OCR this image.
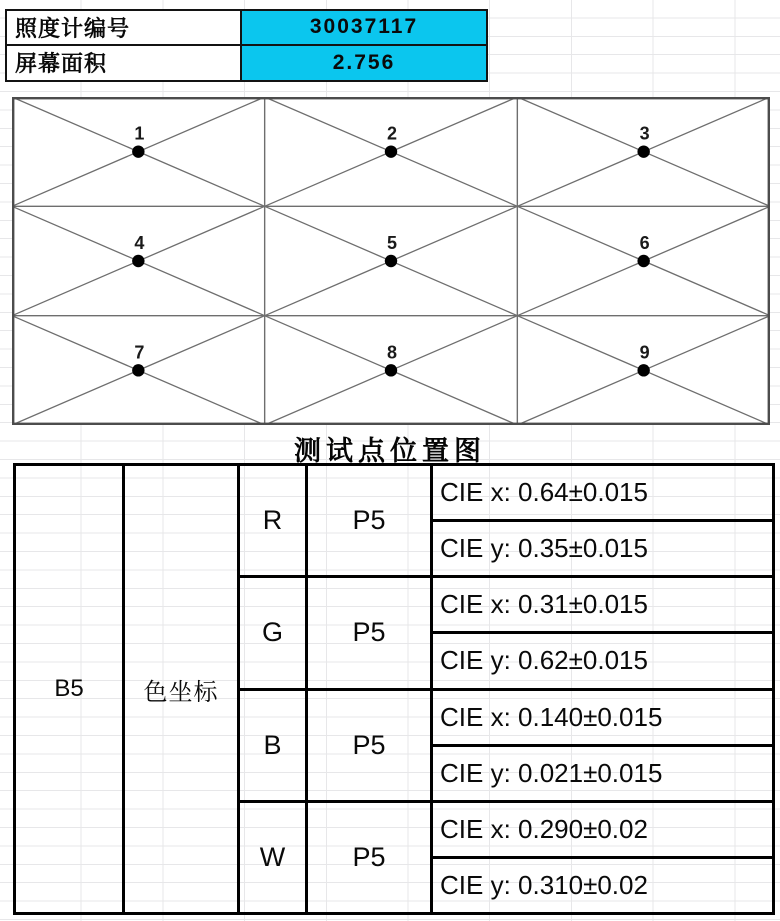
照度计编号	30037117
屏幕面积	2.756
1	2	3
4	5	6
7	8	9
测试点位置图
B5	色坐标	R	P5	CIE x: 0.64±0.015
				CIE y: 0.35±0.015
		G	P5	CIE x: 0.31±0.015
				CIE y: 0.62±0.015
		B	P5	CIE x: 0.140±0.015
				CIE y: 0.021±0.015
		W	P5	CIE x: 0.290±0.02
				CIE y: 0.310±0.02
